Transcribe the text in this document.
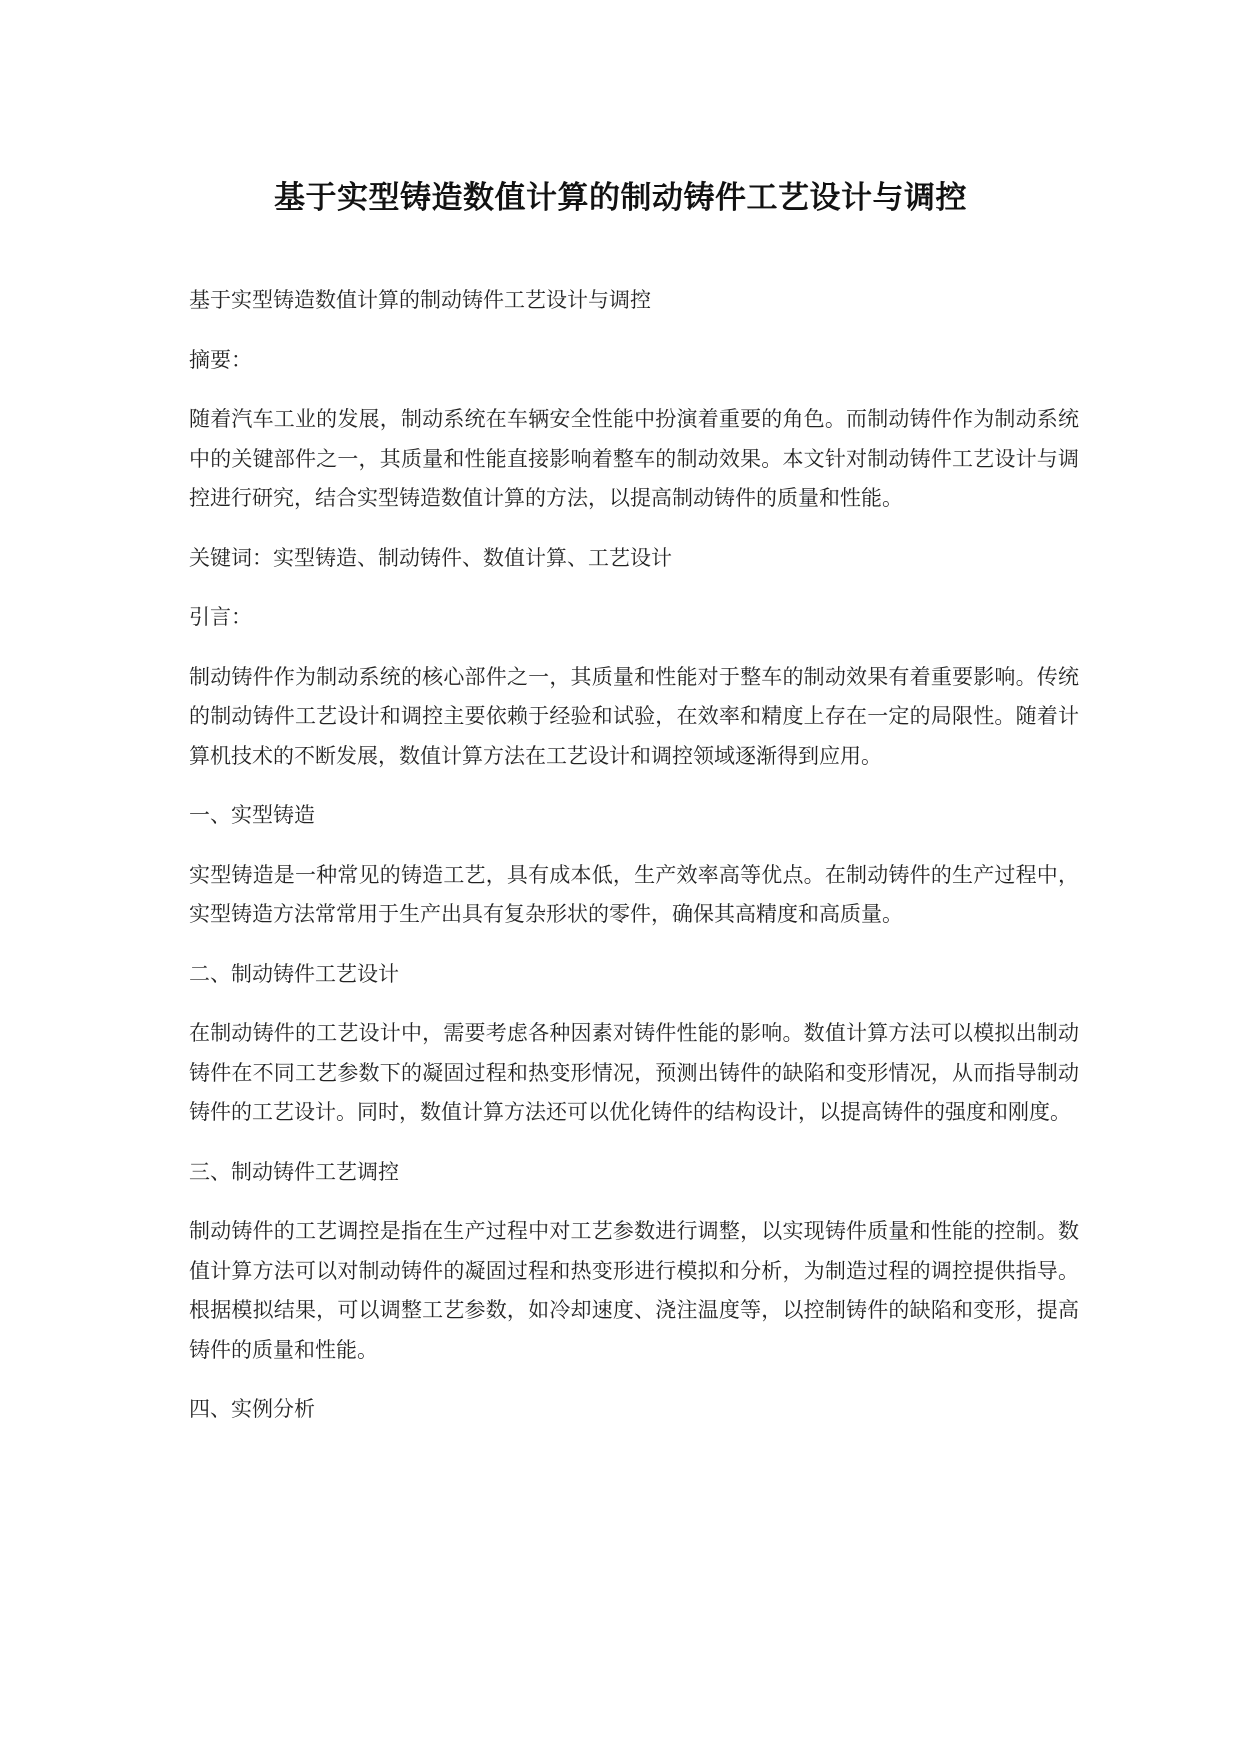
基于实型铸造数值计算的制动铸件工艺设计与调控

基于实型铸造数值计算的制动铸件工艺设计与调控

摘要：

随着汽车工业的发展，制动系统在车辆安全性能中扮演着重要的角色。而制动铸件作为制动系统中的关键部件之一，其质量和性能直接影响着整车的制动效果。本文针对制动铸件工艺设计与调控进行研究，结合实型铸造数值计算的方法，以提高制动铸件的质量和性能。

关键词：实型铸造、制动铸件、数值计算、工艺设计

引言：

制动铸件作为制动系统的核心部件之一，其质量和性能对于整车的制动效果有着重要影响。传统的制动铸件工艺设计和调控主要依赖于经验和试验，在效率和精度上存在一定的局限性。随着计算机技术的不断发展，数值计算方法在工艺设计和调控领域逐渐得到应用。

一、实型铸造

实型铸造是一种常见的铸造工艺，具有成本低，生产效率高等优点。在制动铸件的生产过程中，实型铸造方法常常用于生产出具有复杂形状的零件，确保其高精度和高质量。

二、制动铸件工艺设计

在制动铸件的工艺设计中，需要考虑各种因素对铸件性能的影响。数值计算方法可以模拟出制动铸件在不同工艺参数下的凝固过程和热变形情况，预测出铸件的缺陷和变形情况，从而指导制动铸件的工艺设计。同时，数值计算方法还可以优化铸件的结构设计，以提高铸件的强度和刚度。

三、制动铸件工艺调控

制动铸件的工艺调控是指在生产过程中对工艺参数进行调整，以实现铸件质量和性能的控制。数值计算方法可以对制动铸件的凝固过程和热变形进行模拟和分析，为制造过程的调控提供指导。根据模拟结果，可以调整工艺参数，如冷却速度、浇注温度等，以控制铸件的缺陷和变形，提高铸件的质量和性能。

四、实例分析
